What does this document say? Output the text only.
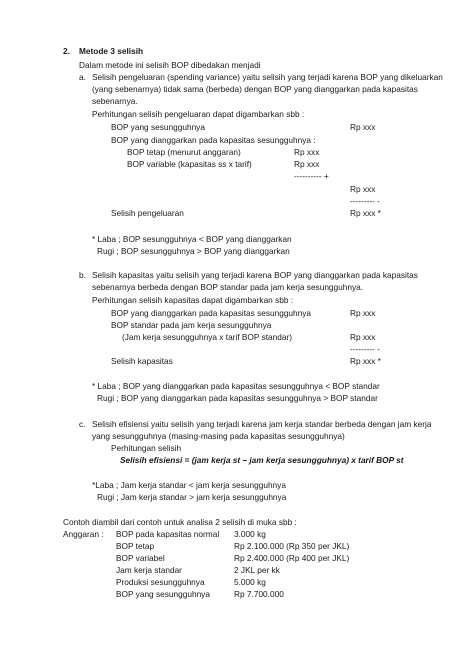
2. Metode 3 selisih
Dalam metode ini selisih BOP dibedakan menjadi
a. Selisih pengeluaran (spending variance) yaitu selisih yang terjadi karena BOP yang dikeluarkan
(yang sebenarnya) tidak sama (berbeda) dengan BOP yang dianggarkan pada kapasitas
sebenarnya.
Perhitungan selisih pengeluaran dapat digambarkan sbb :
BOP yang sesungguhnya	Rp xxx
BOP yang dianggarkan pada kapasitas sesungguhnya :
BOP tetap (menurut anggaran)	Rp xxx
BOP variable (kapasitas ss x tarif)	Rp xxx
---------- +
Rp xxx
--------- -
Selisih pengeluaran	Rp xxx *
* Laba ; BOP sesungguhnya < BOP yang dianggarkan
Rugi ; BOP sesungguhnya > BOP yang dianggarkan
b. Selisih kapasitas yaitu selisih yang terjadi karena BOP yang dianggarkan pada kapasitas
sebenarnya berbeda dengan BOP standar pada jam kerja sesungguhnya.
Perhitungan selisih kapasitas dapat digambarkan sbb :
BOP yang dianggarkan pada kapasitas sesungguhnya	Rp xxx
BOP standar pada jam kerja sesungguhnya
(Jam kerja sesungguhnya x tarif BOP standar)	Rp xxx
--------- -
Selisih kapasitas	Rp xxx *
* Laba ; BOP yang dianggarkan pada kapasitas sesungguhnya < BOP standar
Rugi ; BOP yang dianggarkan pada kapasitas sesungguhnya > BOP standar
c. Selisih efisiensi yaitu selisih yang terjadi karena jam kerja standar berbeda dengan jam kerja
yang sesungguhnya (masing-masing pada kapasitas sesungguhnya)
Perhitungan selisih
Selisih efisiensi = (jam kerja st – jam kerja sesungguhnya) x tarif BOP st
*Laba ; Jam kerja standar < jam kerja sesungguhnya
Rugi ; Jam kerja standar > jam kerja sesungguhnya
Contoh diambil dari contoh untuk analisa 2 selisih di muka sbb :
Anggaran : BOP pada kapasitas normal 3.000 kg
BOP tetap	Rp 2.100.000 (Rp 350 per JKL)
BOP variabel	Rp 2.400.000 (Rp 400 per JKL)
Jam kerja standar	2 JKL per kk
Produksi sesungguhnya	5.000 kg
BOP yang sesungguhnya	Rp 7.700.000
